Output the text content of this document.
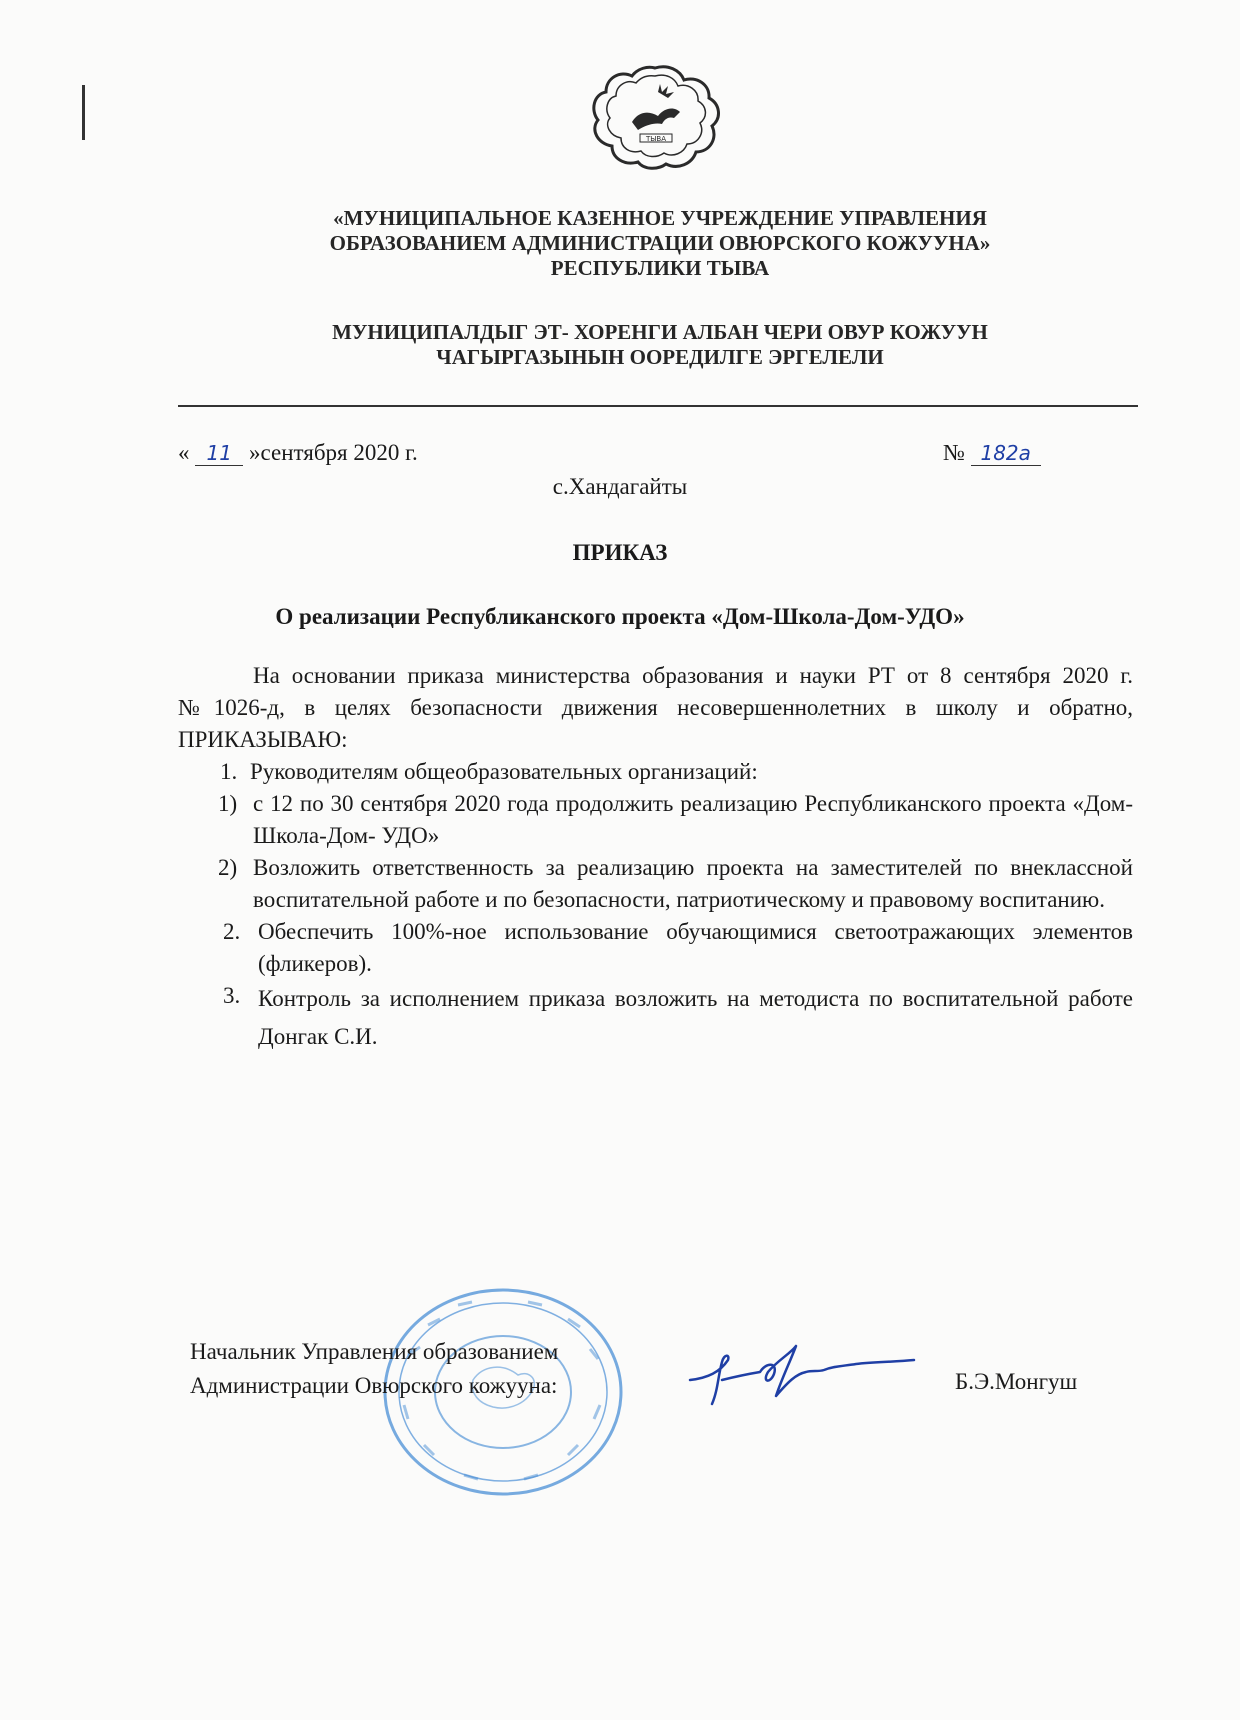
ТЫВА
«МУНИЦИПАЛЬНОЕ КАЗЕННОЕ УЧРЕЖДЕНИЕ УПРАВЛЕНИЯ
ОБРАЗОВАНИЕМ АДМИНИСТРАЦИИ ОВЮРСКОГО КОЖУУНА»
РЕСПУБЛИКИ ТЫВА
МУНИЦИПАЛДЫГ ЭТ- ХОРЕНГИ АЛБАН ЧЕРИ ОВУР КОЖУУН
ЧАГЫРГАЗЫНЫН ООРЕДИЛГЕ ЭРГЕЛЕЛИ
« 11 »сентября 2020 г.	№ 182а
с.Хандагайты
ПРИКАЗ
О реализации Республиканского проекта «Дом-Школа-Дом-УДО»

На основании приказа министерства образования и науки РТ от 8 сентября 2020 г. №1026-д, в целях безопасности движения несовершеннолетних в школу и обратно, ПРИКАЗЫВАЮ:

1. Руководителям общеобразовательных организаций:
1) с 12 по 30 сентября 2020 года продолжить реализацию Республиканского проекта «Дом-Школа-Дом- УДО»
2) Возложить ответственность за реализацию проекта на заместителей по внеклассной воспитательной работе и по безопасности, патриотическому и правовому воспитанию.
2. Обеспечить 100%-ное использование обучающимися светоотражающих элементов (фликеров).
3. Контроль за исполнением приказа возложить на методиста по воспитательной работе Донгак С.И.
Начальник Управления образованием
Администрации Овюрского кожууна:	Б.Э.Монгуш
